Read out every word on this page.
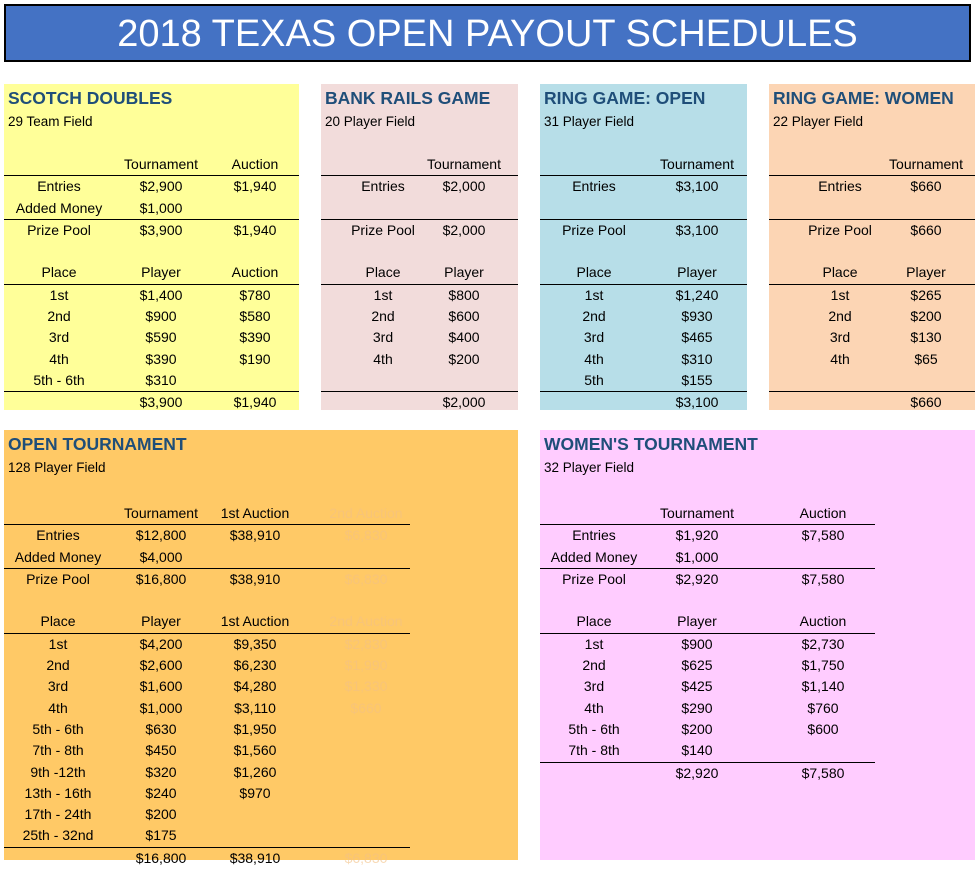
2018 TEXAS OPEN PAYOUT SCHEDULES
SCOTCH DOUBLES
29 Team Field
Tournament Auction
Entries	$2,900	$1,940
Added Money	$1,000
Prize Pool	$3,900	$1,940
Place	Player	Auction
1st	$1,400	$780
2nd	$900	$580
3rd	$590	$390
4th	$390	$190
5th - 6th	$310
$3,900	$1,940
BANK RAILS GAME
20 Player Field
Tournament
Entries	$2,000
Prize Pool $2,000
Place	Player
1st	$800
2nd	$600
3rd	$400
4th	$200
$2,000
RING GAME: OPEN
31 Player Field
Tournament
Entries	$3,100
Prize Pool	$3,100
Place	Player
1st	$1,240
2nd	$930
3rd	$465
4th	$310
5th	$155
$3,100
RING GAME: WOMEN
22 Player Field
Tournament
Entries	$660
Prize Pool	$660
Place	Player
1st	$265
2nd	$200
3rd	$130
4th	$65
$660
OPEN TOURNAMENT
128 Player Field
Tournament 1st Auction	2nd Auction
Entries	$12,800	$38,910	$6,830
Added Money	$4,000
Prize Pool	$16,800	$38,910	$6,830
Place	Player	1st Auction	2nd Auction
1st	$4,200	$9,350	$2,830
2nd	$2,600	$6,230	$1,990
3rd	$1,600	$4,280	$1,330
4th	$1,000	$3,110	$660
5th - 6th	$630	$1,950
7th - 8th	$450	$1,560
9th -12th	$320	$1,260
13th - 16th	$240	$970
17th - 24th	$200
25th - 32nd	$175
$16,800	$38,910	$6,830
WOMEN'S TOURNAMENT
32 Player Field
Tournament	Auction
Entries	$1,920	$7,580
Added Money	$1,000
Prize Pool	$2,920	$7,580
Place	Player	Auction
1st	$900	$2,730
2nd	$625	$1,750
3rd	$425	$1,140
4th	$290	$760
5th - 6th	$200	$600
7th - 8th	$140
$2,920	$7,580
